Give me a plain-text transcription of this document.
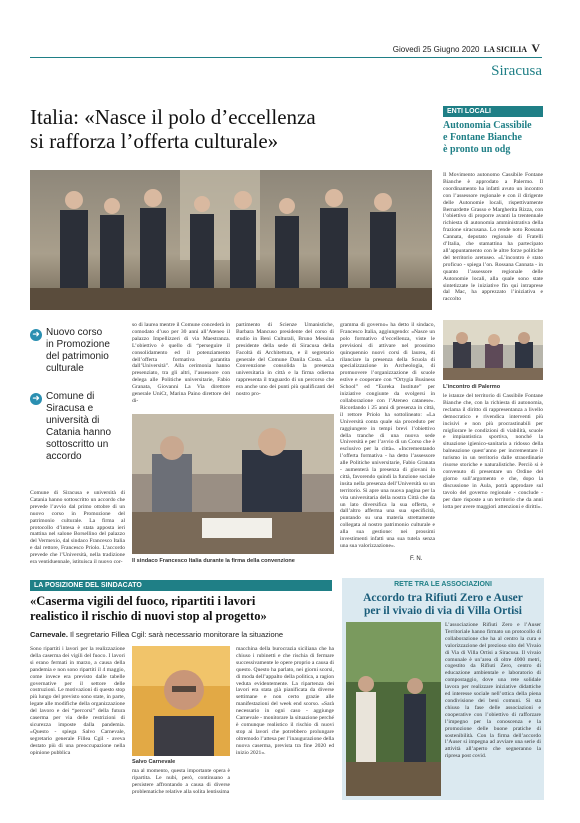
Giovedì 25 Giugno 2020 LA SICILIA V
Siracusa
Italia: «Nasce il polo d’eccellenza
si rafforza l’offerta culturale»
➜ Nuovo corso
in Promozione
del patrimonio
culturale
➜ Comune di
Siracusa e
università di
Catania hanno
sottoscritto un
accordo
Comune di Siracusa e università di Catania hanno sottoscritto un accordo che prevede l’avvio dal primo ottobre di un nuovo corso in Promozione del patrimonio culturale. La firma al protocollo d’intesa è stata apposta ieri mattina nel salone Borsellino del palazzo del Vermexio, dal sindaco Francesco Italia e dal rettore, Francesco Priolo. L’accordo prevede che l’Università, nella tradizione era ventiduennale, istituisca il nuovo cor-
so di laurea mentre il Comune concederà in comodato d’uso per 30 anni all’Ateneo il palazzo Impellizzeri di via Maestranza. L’obiettivo è quello di “perseguire il consolidamento ed il potenziamento dell’offerta formativa garantita dall’Università”. Alla cerimonia hanno presenziato, tra gli altri, l’assessore con delega alle Politiche universitarie, Fabio Granata, Giovanni La Via direttore generale UniCt, Marina Paino direttore del di-
partimento di Scienze Umanistiche, Barbara Mancuso presidente del corso di studio in Beni Culturali, Bruno Messina presidente della sede di Siracusa della Facoltà di Architettura, e il segretario generale del Comune Danila Costa. «La Convenzione consolida la presenza universitaria in città e la firma odierna rappresenta il traguardo di un percorso che era anche uno dei punti più qualificanti del nostro pro-
gramma di governo» ha detto il sindaco, Francesco Italia, aggiungendo: «Nasce un polo formativo d’eccellenza, viste le previsioni di attivare nel prossimo quinquennio nuovi corsi di laurea, di rilanciare la presenza della Scuola di specializzazione in Archeologia, di promuovere l’organizzazione di scuole estive e cooperare con “Ortygia Business School” ed “Eureka Institute” per iniziative congiunte da svolgersi in collaborazione con l’Ateneo catanese». Ricordando i 25 anni di presenza in città, il rettore Priolo ha sottolineato: «La Università conta quale sia proceduto per raggiungere in tempi brevi l’obiettivo della tranche di una nuova sede Università e per l’avvio di un Corso che è esclusivo per la città». «Incrementando l’offerta formativa - ha detto l’assessore alle Politiche universitarie, Fabio Granata - aumenterà la presenza di giovani in città, favorendo quindi la funzione sociale insita nella presenza dell’Università su un territorio. Si apre una nuova pagina per la vita universitaria della nostra Città che da un lato diversifica la sua offerta, e dall’altro afferma una sua specificità, puntando su una materia strettamente collegata al nostro patrimonio culturale e alla sua gestione: nei prossimi investimenti infatti una sua tutela senza una sua valorizzazione».
F. N.
Il sindaco Francesco Italia durante la firma della convenzione
ENTI LOCALI
Autonomia Cassibile
e Fontane Bianche
è pronto un odg
Il Movimento autonomo Cassibile Fontane Bianche è approdato a Palermo. Il coordinamento ha infatti avuto un incontro con l’assessore regionale e con il dirigente delle Autonomie locali, rispettivamente Bernardette Grasso e Margherita Rizza, con l’obiettivo di proporre avanti la trentennale richiesta di autonomia amministrativa della frazione siracusana. Lo rende noto Rossana Cannata, deputato regionale di Fratelli d’Italia, che stamattina ha partecipato all’appuntamento con le altre forze politiche del territorio aretuseo. «L’incontro è stato proficuo - spiega l’on. Rossana Cannata - in quanto l’assessore regionale delle Autonomie locali, alla quale sono state sintetizzate le iniziative fin qui intraprese dal Mac, ha apprezzato l’iniziativa e raccolto
L’incontro di Palermo
le istanze del territorio di Cassibile Fontane Bianche che, con la richiesta di autonomia, reclama il diritto di rappresentanza a livello democratico e rivendica interventi più incisivi e non più procrastinabili per migliorare le condizioni di viabilità, scuole e impiantistica sportiva, nonché la situazione igienico-sanitaria a ridosso della balneazione quest’anno per incrementare il turismo in un territorio dalle straordinarie risorse storiche e naturalistiche. Perciò si è convenuto di presentare un Ordine del giorno sull’argomento e che, dopo la discussione in Aula, potrà approdare sul tavolo del governo regionale - conclude - per dare risposte a un territorio che da anni lotta per avere maggiori attenzioni e diritti».
LA POSIZIONE DEL SINDACATO
«Caserma vigili del fuoco, ripartiti i lavori
realistico il rischio di nuovi stop al progetto»
Carnevale. Il segretario Fillea Cgil: sarà necessario monitorare la situazione
Sono ripartiti i lavori per la realizzazione della caserma dei vigili del fuoco. I lavori si erano fermati in marzo, a causa della pandemia e non sono ripartiti il 4 maggio, come invece era previsto dalle tabelle governative per il settore delle costruzioni. Le motivazioni di questo stop più lungo del previsto sono state, in parte, legate alle modifiche della organizzazione del lavoro e dei “percorsi” della futura caserma per via delle restrizioni di sicurezza imposte dalla pandemia. «Questo - spiega Salvo Carnevale, segretario generale Fillea Cgil - aveva destato più di una preoccupazione nella opinione pubblica
Salvo Carnevale
ma al momento, questa importante opera è ripartita. Le nubi, però, continuano a persistere affrontando a causa di diverse problematiche relative alla solita lentissima
macchina della burocrazia siciliana che ha chiuso i rubinetti e che rischia di fermare successivamente le opere proprio a causa di questo. Questo ha parlato, nei giorni scorsi, di moda dell’appalto della politica, a ragion veduta evidentemente. La ripartenza dei lavori era stata già pianificata da diverse settimane e non certo grazie alle manifestazioni del week end scorso. «Sarà necessario in ogni caso - aggiunge Carnevale - monitorare la situazione perché è comunque realistico il rischio di nuovi stop ai lavori che potrebbero prolungare oltremodo l’attesa per l’inaugurazione della nuova caserma, prevista tra fine 2020 ed inizio 2021».
RETE TRA LE ASSOCIAZIONI
Accordo tra Rifiuti Zero e Auser
per il vivaio di via di Villa Ortisi
L’associazione Rifiuti Zero e l’Auser Territoriale hanno firmato un protocollo di collaborazione che ha al centro la cura e valorizzazione del prezioso sito del Vivaio di Via di Villa Ortisi a Siracusa. Il vivaio comunale è un’area di oltre 4000 metri, cogestito da Rifiuti Zero, centro di educazione ambientale e laboratorio di compostaggio, dove una rete solidale lavora per realizzare iniziative didattiche ed interesse sociale nell’ottica della piena condivisione dei beni comuni. Si sta chiuso la fase delle associazioni e cooperative con l’obiettivo di rafforzare l’impegno per la conoscenza e la promozione delle buone pratiche di sostenibilità. Con la firma dell’accordo l’Auser si impegna ad avviare una serie di attività all’aperto che segneranno la ripresa post covid.
